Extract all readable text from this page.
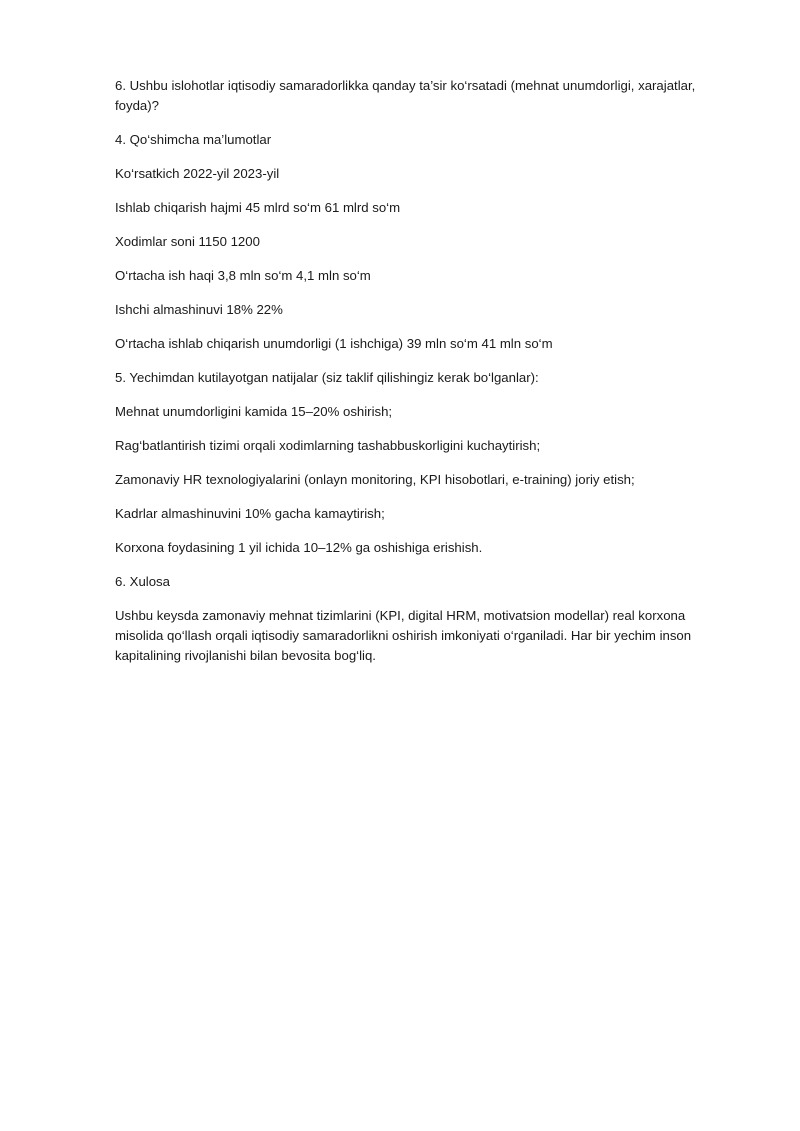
6. Ushbu islohotlar iqtisodiy samaradorlikka qanday ta’sir ko‘rsatadi (mehnat unumdorligi, xarajatlar, foyda)?

4. Qo‘shimcha ma’lumotlar

Ko‘rsatkich 2022-yil 2023-yil

Ishlab chiqarish hajmi 45 mlrd so‘m 61 mlrd so‘m

Xodimlar soni 1150 1200

O‘rtacha ish haqi 3,8 mln so‘m 4,1 mln so‘m

Ishchi almashinuvi 18% 22%

O‘rtacha ishlab chiqarish unumdorligi (1 ishchiga) 39 mln so‘m 41 mln so‘m

5. Yechimdan kutilayotgan natijalar (siz taklif qilishingiz kerak bo‘lganlar):

Mehnat unumdorligini kamida 15–20% oshirish;

Rag‘batlantirish tizimi orqali xodimlarning tashabbuskorligini kuchaytirish;

Zamonaviy HR texnologiyalarini (onlayn monitoring, KPI hisobotlari, e-training) joriy etish;

Kadrlar almashinuvini 10% gacha kamaytirish;

Korxona foydasining 1 yil ichida 10–12% ga oshishiga erishish.

6. Xulosa

Ushbu keysda zamonaviy mehnat tizimlarini (KPI, digital HRM, motivatsion modellar) real korxona misolida qo‘llash orqali iqtisodiy samaradorlikni oshirish imkoniyati o‘rganiladi. Har bir yechim inson kapitalining rivojlanishi bilan bevosita bog‘liq.
